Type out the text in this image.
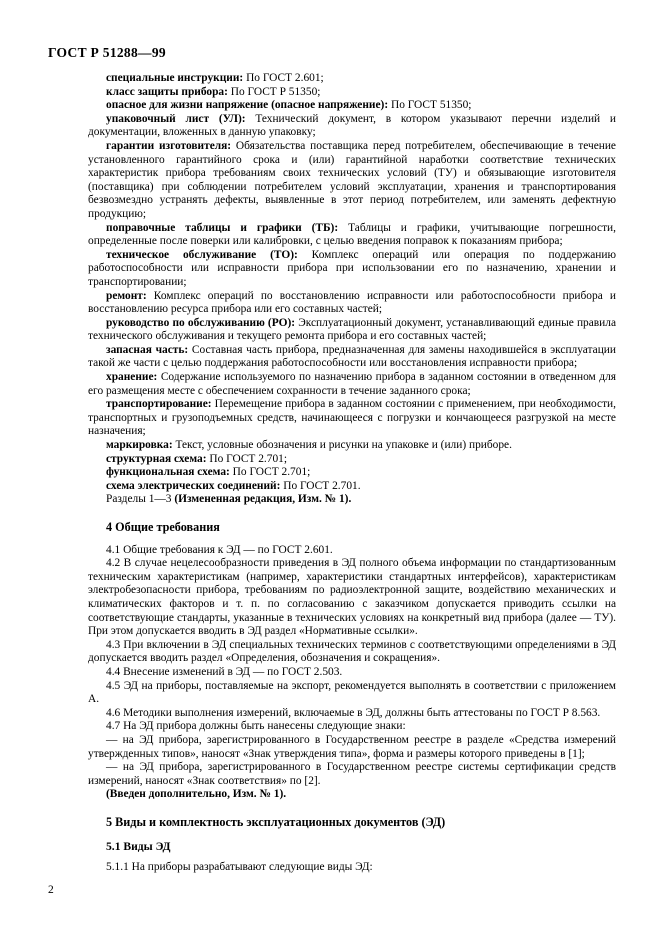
ГОСТ Р 51288—99

специальные инструкции: По ГОСТ 2.601;

класс защиты прибора: По ГОСТ Р 51350;

опасное для жизни напряжение (опасное напряжение): По ГОСТ 51350;

упаковочный лист (УЛ): Технический документ, в котором указывают перечни изделий и документации, вложенных в данную упаковку;

гарантии изготовителя: Обязательства поставщика перед потребителем, обеспечивающие в течение установленного гарантийного срока и (или) гарантийной наработки соответствие технических характеристик прибора требованиям своих технических условий (ТУ) и обязывающие изготовителя (поставщика) при соблюдении потребителем условий эксплуатации, хранения и транспортирования безвозмездно устранять дефекты, выявленные в этот период потребителем, или заменять дефектную продукцию;

поправочные таблицы и графики (ТБ): Таблицы и графики, учитывающие погрешности, определенные после поверки или калибровки, с целью введения поправок к показаниям прибора;

техническое обслуживание (ТО): Комплекс операций или операция по поддержанию работоспособности или исправности прибора при использовании его по назначению, хранении и транспортировании;

ремонт: Комплекс операций по восстановлению исправности или работоспособности прибора и восстановлению ресурса прибора или его составных частей;

руководство по обслуживанию (РО): Эксплуатационный документ, устанавливающий единые правила технического обслуживания и текущего ремонта прибора и его составных частей;

запасная часть: Составная часть прибора, предназначенная для замены находившейся в эксплуатации такой же части с целью поддержания работоспособности или восстановления исправности прибора;

хранение: Содержание используемого по назначению прибора в заданном состоянии в отведенном для его размещения месте с обеспечением сохранности в течение заданного срока;

транспортирование: Перемещение прибора в заданном состоянии с применением, при необходимости, транспортных и грузоподъемных средств, начинающееся с погрузки и кончающееся разгрузкой на месте назначения;

маркировка: Текст, условные обозначения и рисунки на упаковке и (или) приборе.

структурная схема: По ГОСТ 2.701;

функциональная схема: По ГОСТ 2.701;

схема электрических соединений: По ГОСТ 2.701.

Разделы 1—3 (Измененная редакция, Изм. № 1).

4 Общие требования

4.1 Общие требования к ЭД — по ГОСТ 2.601.

4.2 В случае нецелесообразности приведения в ЭД полного объема информации по стандартизованным техническим характеристикам (например, характеристики стандартных интерфейсов), характеристикам электробезопасности прибора, требованиям по радиоэлектронной защите, воздействию механических и климатических факторов и т. п. по согласованию с заказчиком допускается приводить ссылки на соответствующие стандарты, указанные в технических условиях на конкретный вид прибора (далее — ТУ). При этом допускается вводить в ЭД раздел «Нормативные ссылки».

4.3 При включении в ЭД специальных технических терминов с соответствующими определениями в ЭД допускается вводить раздел «Определения, обозначения и сокращения».

4.4 Внесение изменений в ЭД — по ГОСТ 2.503.

4.5 ЭД на приборы, поставляемые на экспорт, рекомендуется выполнять в соответствии с приложением А.

4.6 Методики выполнения измерений, включаемые в ЭД, должны быть аттестованы по ГОСТ Р 8.563.

4.7 На ЭД прибора должны быть нанесены следующие знаки:

— на ЭД прибора, зарегистрированного в Государственном реестре в разделе «Средства измерений утвержденных типов», наносят «Знак утверждения типа», форма и размеры которого приведены в [1];

— на ЭД прибора, зарегистрированного в Государственном реестре системы сертификации средств измерений, наносят «Знак соответствия» по [2].

(Введен дополнительно, Изм. № 1).

5 Виды и комплектность эксплуатационных документов (ЭД)
5.1 Виды ЭД

5.1.1 На приборы разрабатывают следующие виды ЭД:

2
